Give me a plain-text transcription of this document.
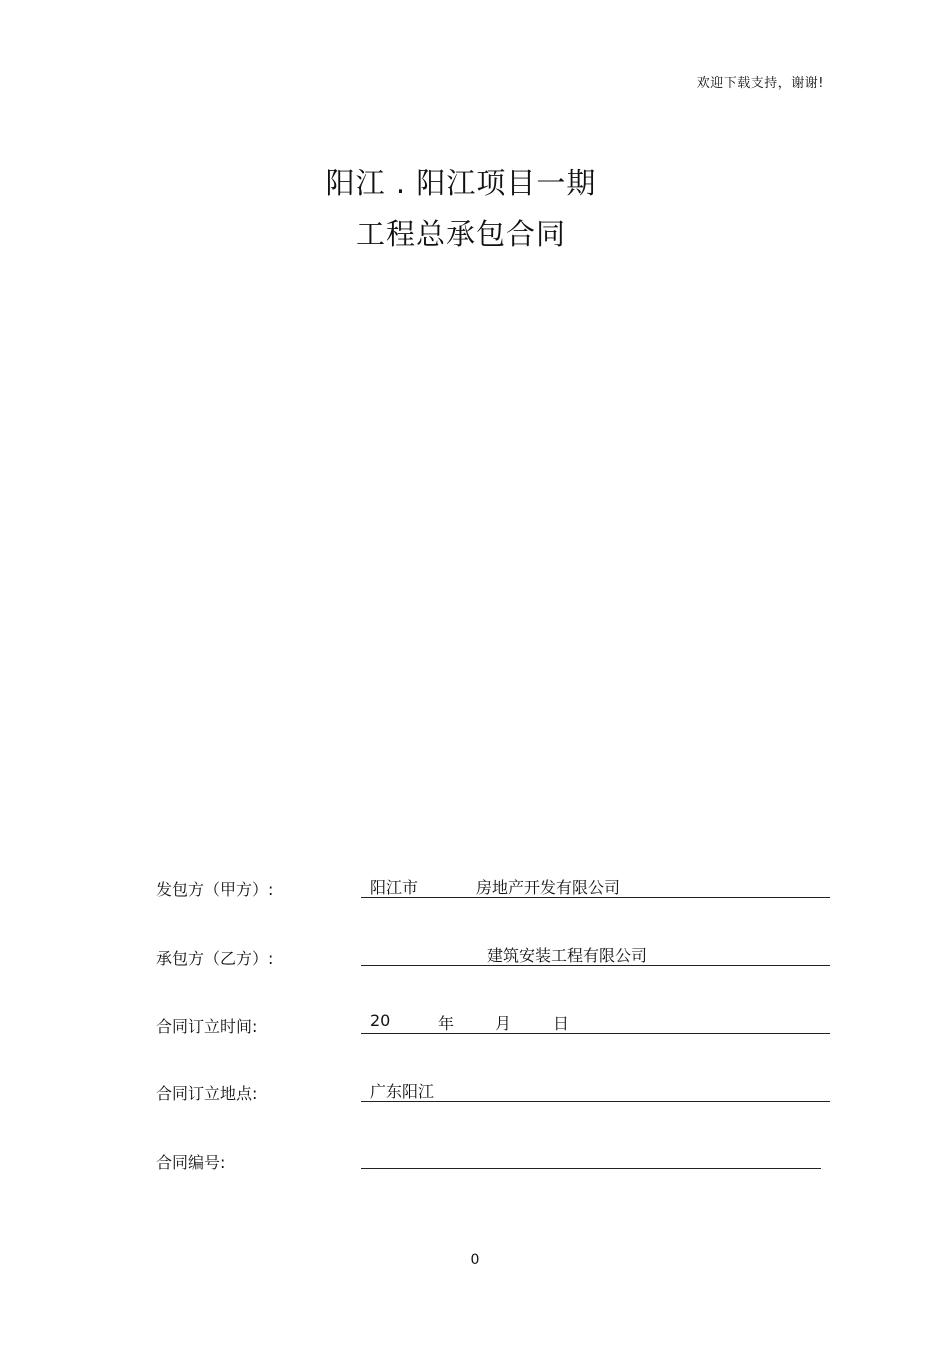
欢迎下载支持，谢谢!
阳江 . 阳江项目一期
工程总承包合同
发包方（甲方）:	阳江市	房地产开发有限公司
承包方（乙方）:	建筑安装工程有限公司
合同订立时间:	20	年	月	日
合同订立地点:	广东阳江
合同编号:
0
